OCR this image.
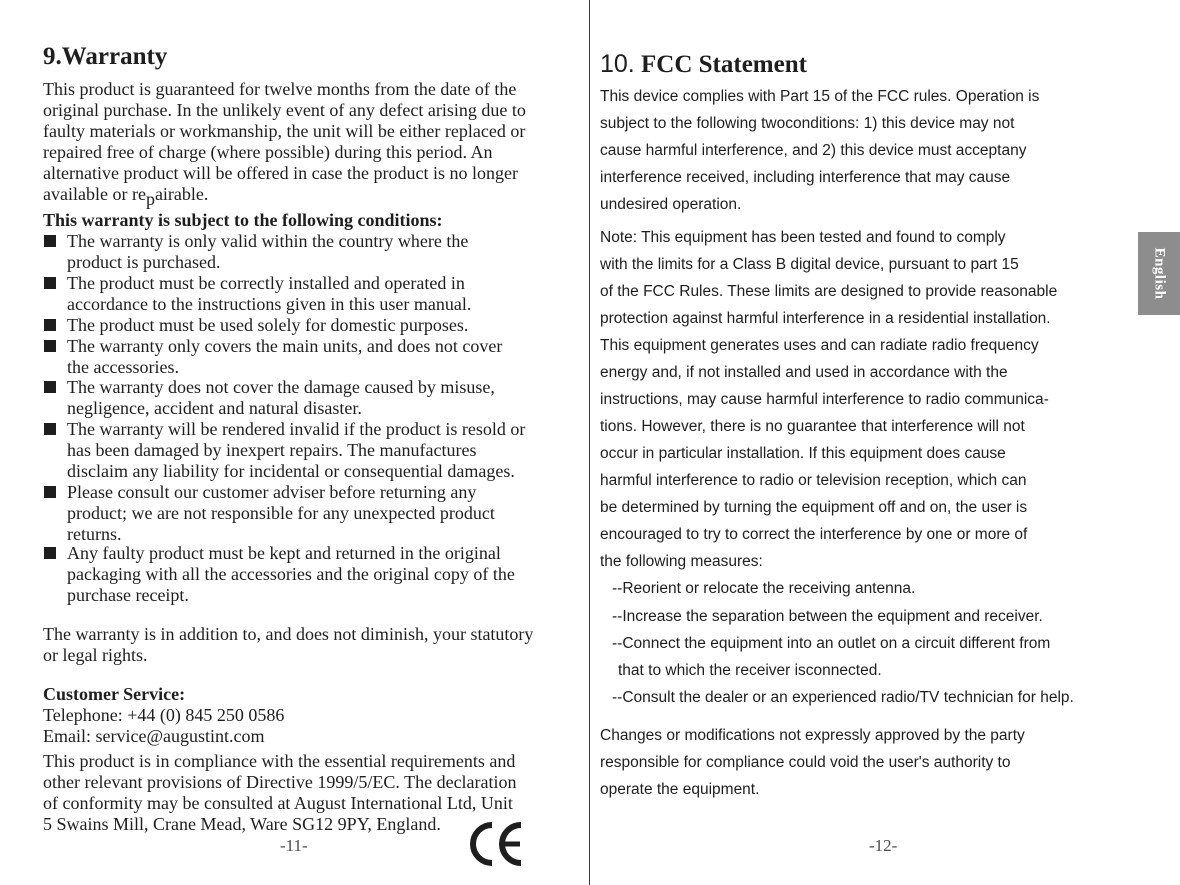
9.Warranty
This product is guaranteed for twelve months from the date of the
original purchase. In the unlikely event of any defect arising due to
faulty materials or workmanship, the unit will be either replaced or
repaired free of charge (where possible) during this period. An
alternative product will be offered in case the product is no longer
available or repairable.
This warranty is subject to the following conditions:
The warranty is only valid within the country where the
product is purchased.
The product must be correctly installed and operated in
accordance to the instructions given in this user manual.
The product must be used solely for domestic purposes.
The warranty only covers the main units, and does not cover
the accessories.
The warranty does not cover the damage caused by misuse,
negligence, accident and natural disaster.
The warranty will be rendered invalid if the product is resold or
has been damaged by inexpert repairs. The manufactures
disclaim any liability for incidental or consequential damages.
Please consult our customer adviser before returning any
product; we are not responsible for any unexpected product
returns.
Any faulty product must be kept and returned in the original
packaging with all the accessories and the original copy of the
purchase receipt.
The warranty is in addition to, and does not diminish, your statutory
or legal rights.
Customer Service:
Telephone: +44 (0) 845 250 0586
Email: service@augustint.com
This product is in compliance with the essential requirements and
other relevant provisions of Directive 1999/5/EC. The declaration
of conformity may be consulted at August International Ltd, Unit
5 Swains Mill, Crane Mead, Ware SG12 9PY, England.
-11-
10. FCC Statement
This device complies with Part 15 of the FCC rules. Operation is
subject to the following twoconditions: 1) this device may not
cause harmful interference, and 2) this device must acceptany
interference received, including interference that may cause
undesired operation.
Note: This equipment has been tested and found to comply
with the limits for a Class B digital device, pursuant to part 15
of the FCC Rules. These limits are designed to provide reasonable
protection against harmful interference in a residential installation.
This equipment generates uses and can radiate radio frequency
energy and, if not installed and used in accordance with the
instructions, may cause harmful interference to radio communica-
tions. However, there is no guarantee that interference will not
occur in particular installation. If this equipment does cause
harmful interference to radio or television reception, which can
be determined by turning the equipment off and on, the user is
encouraged to try to correct the interference by one or more of
the following measures:
--Reorient or relocate the receiving antenna.
--Increase the separation between the equipment and receiver.
--Connect the equipment into an outlet on a circuit different from
that to which the receiver isconnected.
--Consult the dealer or an experienced radio/TV technician for help.
Changes or modifications not expressly approved by the party
responsible for compliance could void the user's authority to
operate the equipment.
-12-
English
